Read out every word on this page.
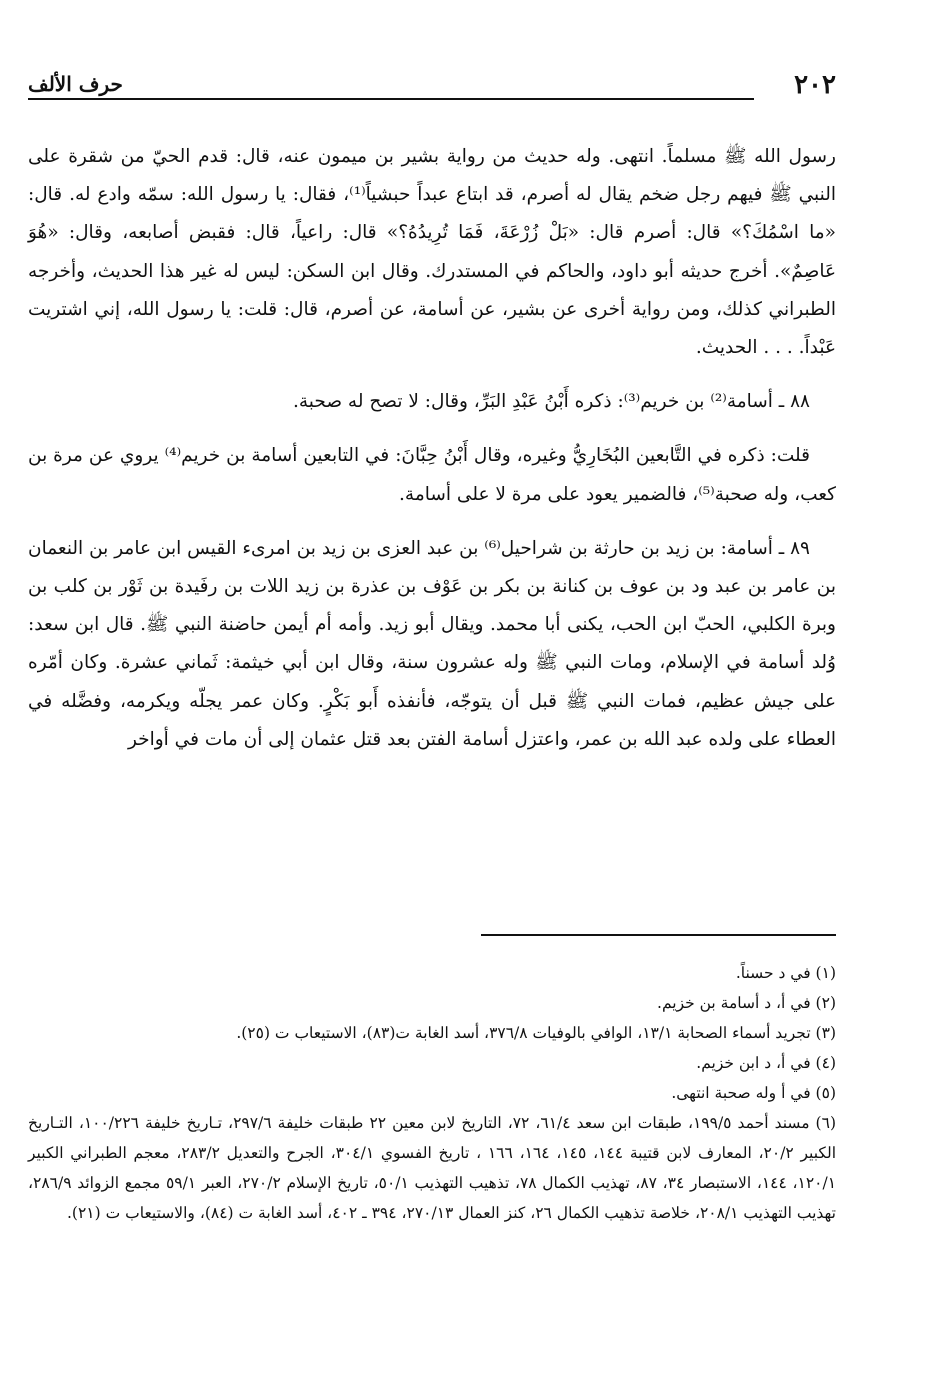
٢٠٢
حرف الألف

رسول الله ﷺ مسلماً. انتهى. وله حديث من رواية بشير بن ميمون عنه، قال: قدم الحيّ من شقرة على النبي ﷺ فيهم رجل ضخم يقال له أصرم، قد ابتاع عبداً حبشياً⁽¹⁾، فقال: يا رسول الله: سمّه وادع له. قال: «ما اسْمُكَ؟» قال: أصرم قال: «بَلْ زُرْعَةَ، فَمَا تُرِيدُهُ؟» قال: راعياً، قال: فقبض أصابعه، وقال: «هُوَ عَاصِمٌ». أخرج حديثه أبو داود، والحاكم في المستدرك. وقال ابن السكن: ليس له غير هذا الحديث، وأخرجه الطبراني كذلك، ومن رواية أخرى عن بشير، عن أسامة، عن أصرم، قال: قلت: يا رسول الله، إني اشتريت عَبْداً. . . . الحديث.

٨٨ ـ أسامة⁽²⁾ بن خريم⁽³⁾: ذكره أَبْنُ عَبْدِ البَرِّ، وقال: لا تصح له صحبة.

قلت: ذكره في التَّابعين البُخَارِيُّ وغيره، وقال أَبْنُ حِبَّانَ: في التابعين أسامة بن خريم⁽⁴⁾ يروي عن مرة بن كعب، وله صحبة⁽⁵⁾، فالضمير يعود على مرة لا على أسامة.

٨٩ ـ أسامة: بن زيد بن حارثة بن شراحيل⁽⁶⁾ بن عبد العزى بن زيد بن امرىء القيس ابن عامر بن النعمان بن عامر بن عبد ود بن عوف بن كنانة بن بكر بن عَوْف بن عذرة بن زيد اللات بن رفَيدة بن ثَوْر بن كلب بن وبرة الكلبي، الحبّ ابن الحب، يكنى أبا محمد. ويقال أبو زيد. وأمه أم أيمن حاضنة النبي ﷺ. قال ابن سعد: وُلد أسامة في الإسلام، ومات النبي ﷺ وله عشرون سنة، وقال ابن أبي خيثمة: ثَماني عشرة. وكان أمّره على جيش عظيم، فمات النبي ﷺ قبل أن يتوجّه، فأنفذه أَبو بَكْرٍ. وكان عمر يجلّه ويكرمه، وفضَّله في العطاء على ولده عبد الله بن عمر، واعتزل أسامة الفتن بعد قتل عثمان إلى أن مات في أواخر

(١) في د حسناً.
(٢) في أ، د أسامة بن خزيم.
(٣) تجريد أسماء الصحابة ١٣/١، الوافي بالوفيات ٣٧٦/٨، أسد الغابة ت(٨٣)، الاستيعاب ت (٢٥).
(٤) في أ، د ابن خزيم.
(٥) في أ وله صحبة انتهى.
(٦) مسند أحمد ١٩٩/٥، طبقات ابن سعد ٦١/٤، ٧٢، التاريخ لابن معين ٢٢ طبقات خليفة ٢٩٧/٦، تـاريخ خليفة ١٠٠/٢٢٦، التـاريخ الكبير ٢٠/٢، المعارف لابن قتيبة ١٤٤، ١٤٥، ١٦٤، ١٦٦ ، تاريخ الفسوي ٣٠٤/١، الجرح والتعديل ٢٨٣/٢، معجم الطبراني الكبير ١٢٠/١، ١٤٤، الاستبصار ٣٤، ٨٧، تهذيب الكمال ٧٨، تذهيب التهذيب ٥٠/١، تاريخ الإسلام ٢٧٠/٢، العبر ٥٩/١ مجمع الزوائد ٢٨٦/٩، تهذيب التهذيب ٢٠٨/١، خلاصة تذهيب الكمال ٢٦، كنز العمال ٢٧٠/١٣، ٣٩٤ ـ ٤٠٢، أسد الغابة ت (٨٤)، والاستيعاب ت (٢١).
